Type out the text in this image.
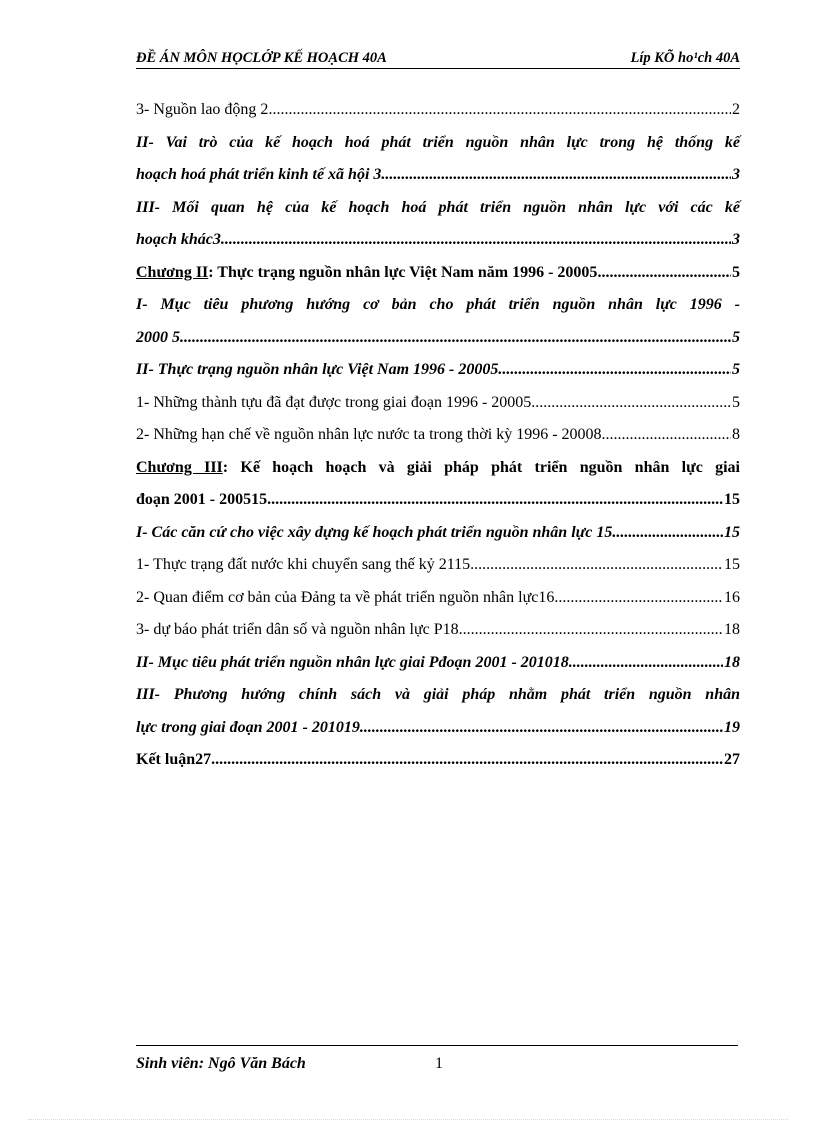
ĐỀ ÁN MÔN HỌCLỚP KẾ HOẠCH 40A	Líp KÕ ho¹ch 40A
3- Nguồn lao động 2 .....	2
II- Vai trò của kế hoạch hoá phát triển nguồn nhân lực trong hệ thống kế
hoạch hoá phát triển kinh tế xã hội 3 .....	3
III- Mối quan hệ của kế hoạch hoá phát triển nguồn nhân lực với các kế
hoạch khác3 .....	3
Chương II: Thực trạng nguồn nhân lực Việt Nam năm 1996 - 20005 .....	5
I- Mục tiêu phương hướng cơ bản cho phát triển nguồn nhân lực 1996 -
2000 5 .....	5
II- Thực trạng nguồn nhân lực Việt Nam 1996 - 20005 .....	5
1- Những thành tựu đã đạt được trong giai đoạn 1996 - 20005 .....	5
2- Những hạn chế về nguồn nhân lực nước ta trong thời kỳ 1996 - 20008 .....	8
Chương III: Kế hoạch hoạch và giải pháp phát triển nguồn nhân lực giai
đoạn 2001 - 200515 .....	15
I- Các căn cứ cho việc xây dựng kế hoạch phát triển nguồn nhân lực 15 .....	15
1- Thực trạng đất nước khi chuyển sang thế kỷ 2115 .....	15
2- Quan điểm cơ bản của Đảng ta về phát triển nguồn nhân lực16 .....	16
3- dự báo phát triển dân số và nguồn nhân lực P18 .....	18
II- Mục tiêu phát triển nguồn nhân lực giai Pđoạn 2001 - 201018 .....	18
III- Phương hướng chính sách và giải pháp nhằm phát triển nguồn nhân
lực trong giai đoạn 2001 - 201019 .....	19
Kết luận27 .....	27
Sinh viên: Ngô Văn Bách	1
